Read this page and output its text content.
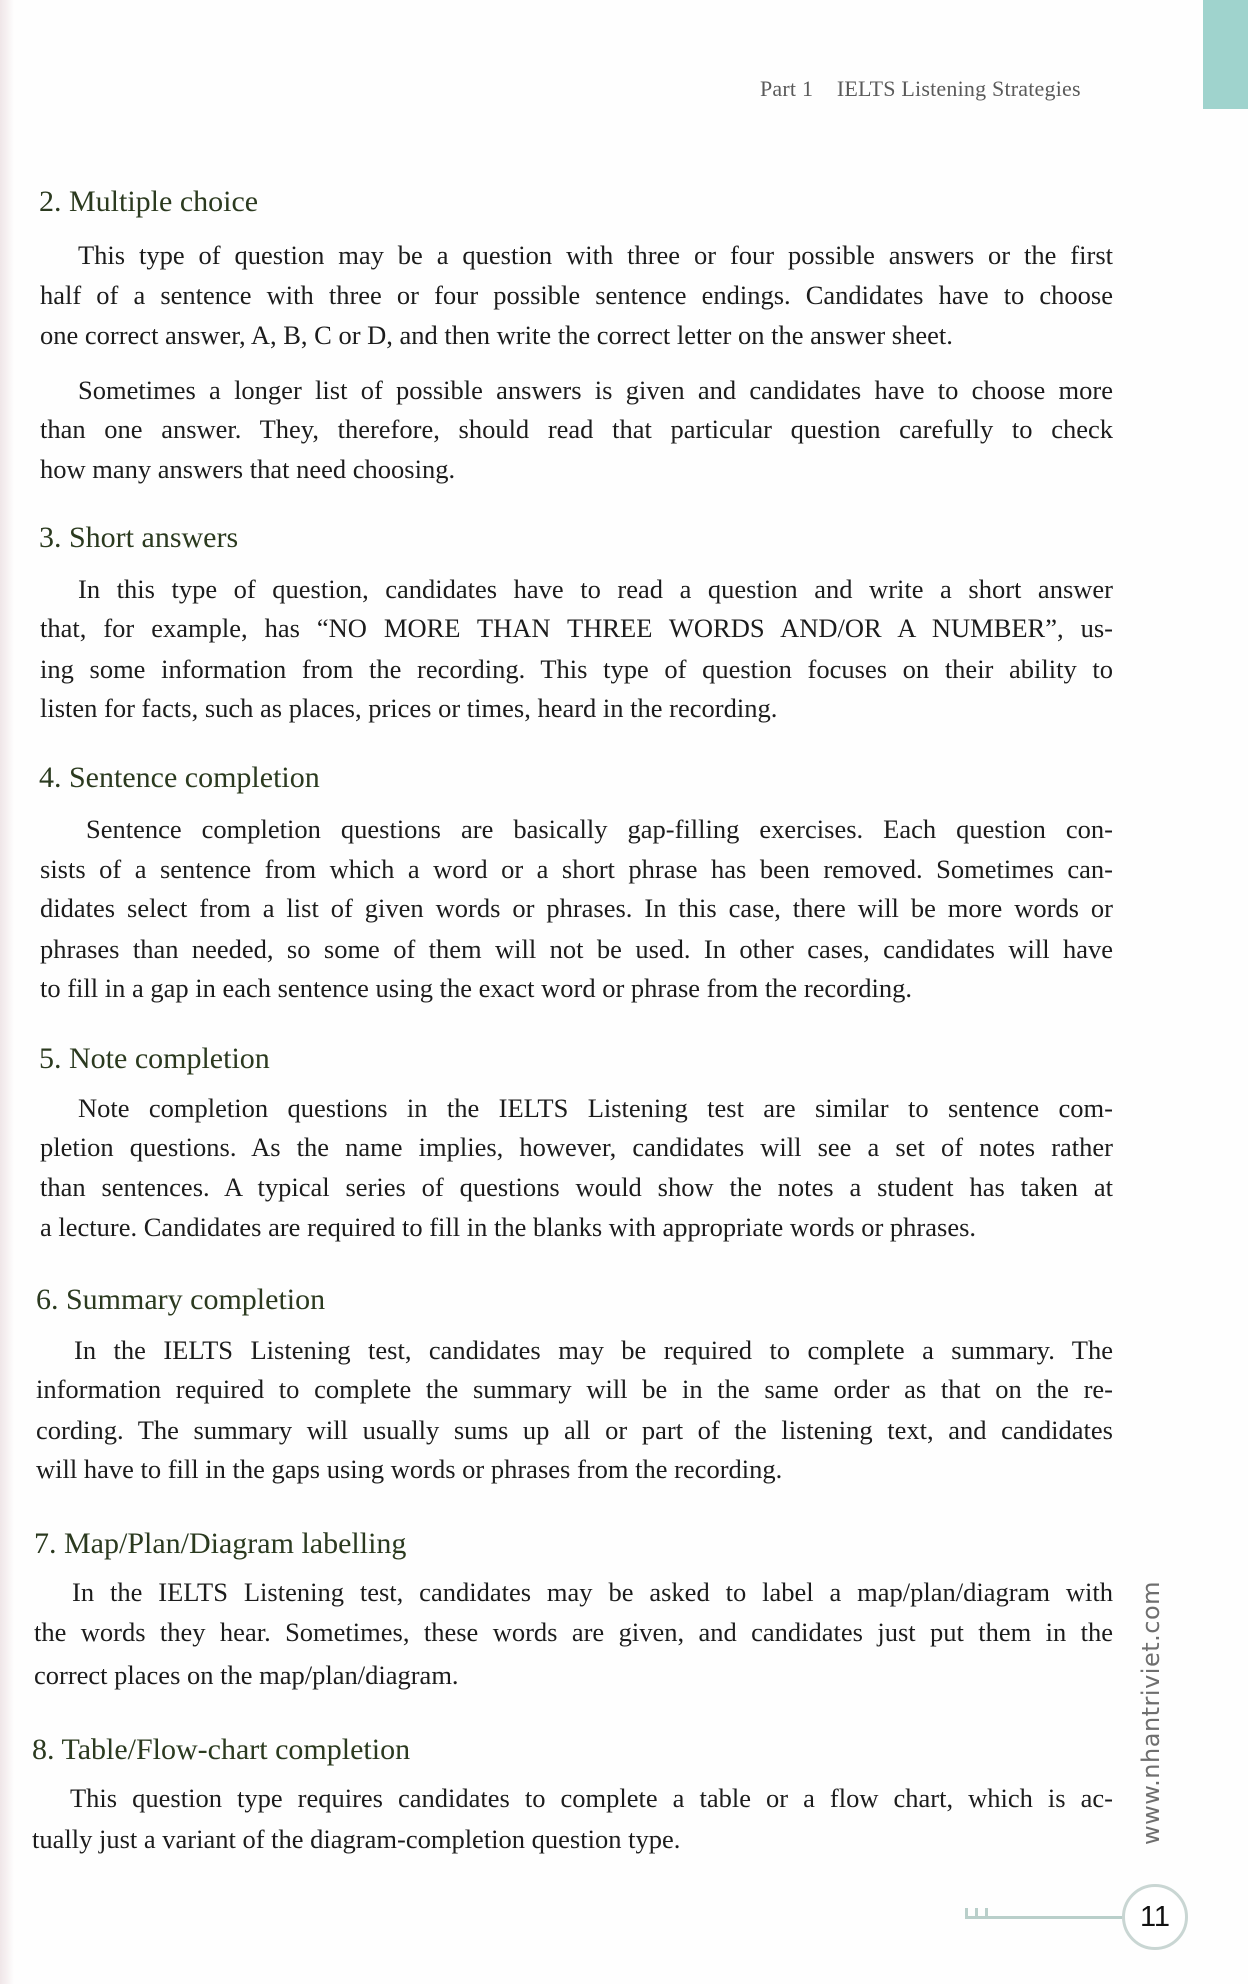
Part 1 IELTS Listening Strategies
2. Multiple choice
This type of question may be a question with three or four possible answers or the first
half of a sentence with three or four possible sentence endings. Candidates have to choose
one correct answer, A, B, C or D, and then write the correct letter on the answer sheet.
Sometimes a longer list of possible answers is given and candidates have to choose more
than one answer. They, therefore, should read that particular question carefully to check
how many answers that need choosing.
3. Short answers
In this type of question, candidates have to read a question and write a short answer
that, for example, has “NO MORE THAN THREE WORDS AND/OR A NUMBER”, us-
ing some information from the recording. This type of question focuses on their ability to
listen for facts, such as places, prices or times, heard in the recording.
4. Sentence completion
Sentence completion questions are basically gap-filling exercises. Each question con-
sists of a sentence from which a word or a short phrase has been removed. Sometimes can-
didates select from a list of given words or phrases. In this case, there will be more words or
phrases than needed, so some of them will not be used. In other cases, candidates will have
to fill in a gap in each sentence using the exact word or phrase from the recording.
5. Note completion
Note completion questions in the IELTS Listening test are similar to sentence com-
pletion questions. As the name implies, however, candidates will see a set of notes rather
than sentences. A typical series of questions would show the notes a student has taken at
a lecture. Candidates are required to fill in the blanks with appropriate words or phrases.
6. Summary completion
In the IELTS Listening test, candidates may be required to complete a summary. The
information required to complete the summary will be in the same order as that on the re-
cording. The summary will usually sums up all or part of the listening text, and candidates
will have to fill in the gaps using words or phrases from the recording.
7. Map/Plan/Diagram labelling
In the IELTS Listening test, candidates may be asked to label a map/plan/diagram with
the words they hear. Sometimes, these words are given, and candidates just put them in the
correct places on the map/plan/diagram.
8. Table/Flow-chart completion
This question type requires candidates to complete a table or a flow chart, which is ac-
tually just a variant of the diagram-completion question type.	www.nhantriviet.com
11
